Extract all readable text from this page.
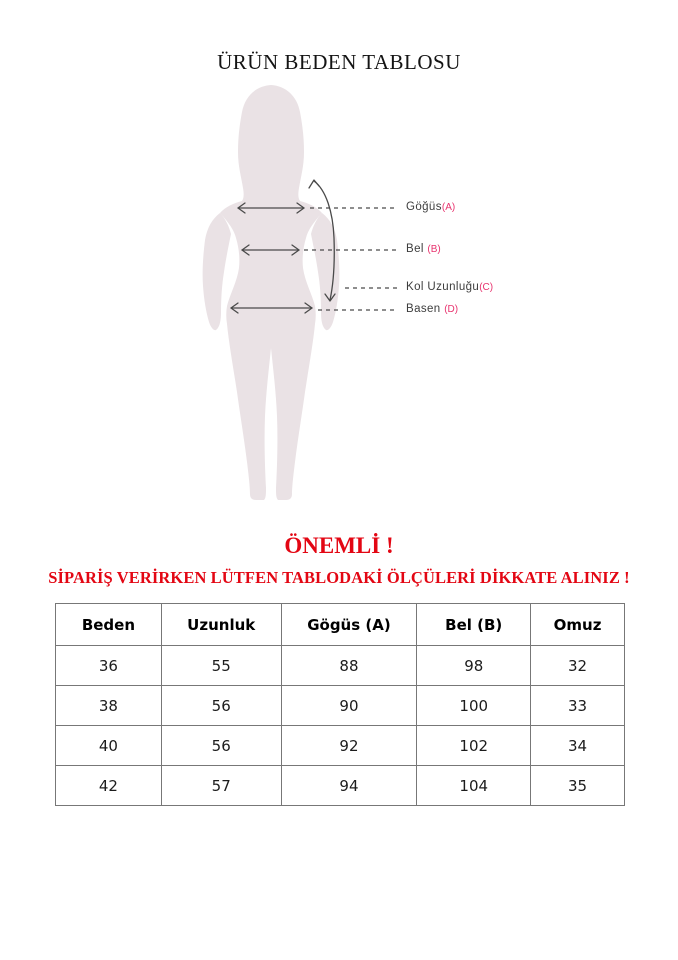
ÜRÜN BEDEN TABLOSU
Göğüs(A)
Bel (B)
Kol Uzunluğu(C)
Basen (D)
ÖNEMLİ !
SİPARİŞ VERİRKEN LÜTFEN TABLODAKİ ÖLÇÜLERİ DİKKATE ALINIZ !
Beden	Uzunluk	Gögüs (A)	Bel (B)	Omuz
36	55	88	98	32
38	56	90	100	33
40	56	92	102	34
42	57	94	104	35
